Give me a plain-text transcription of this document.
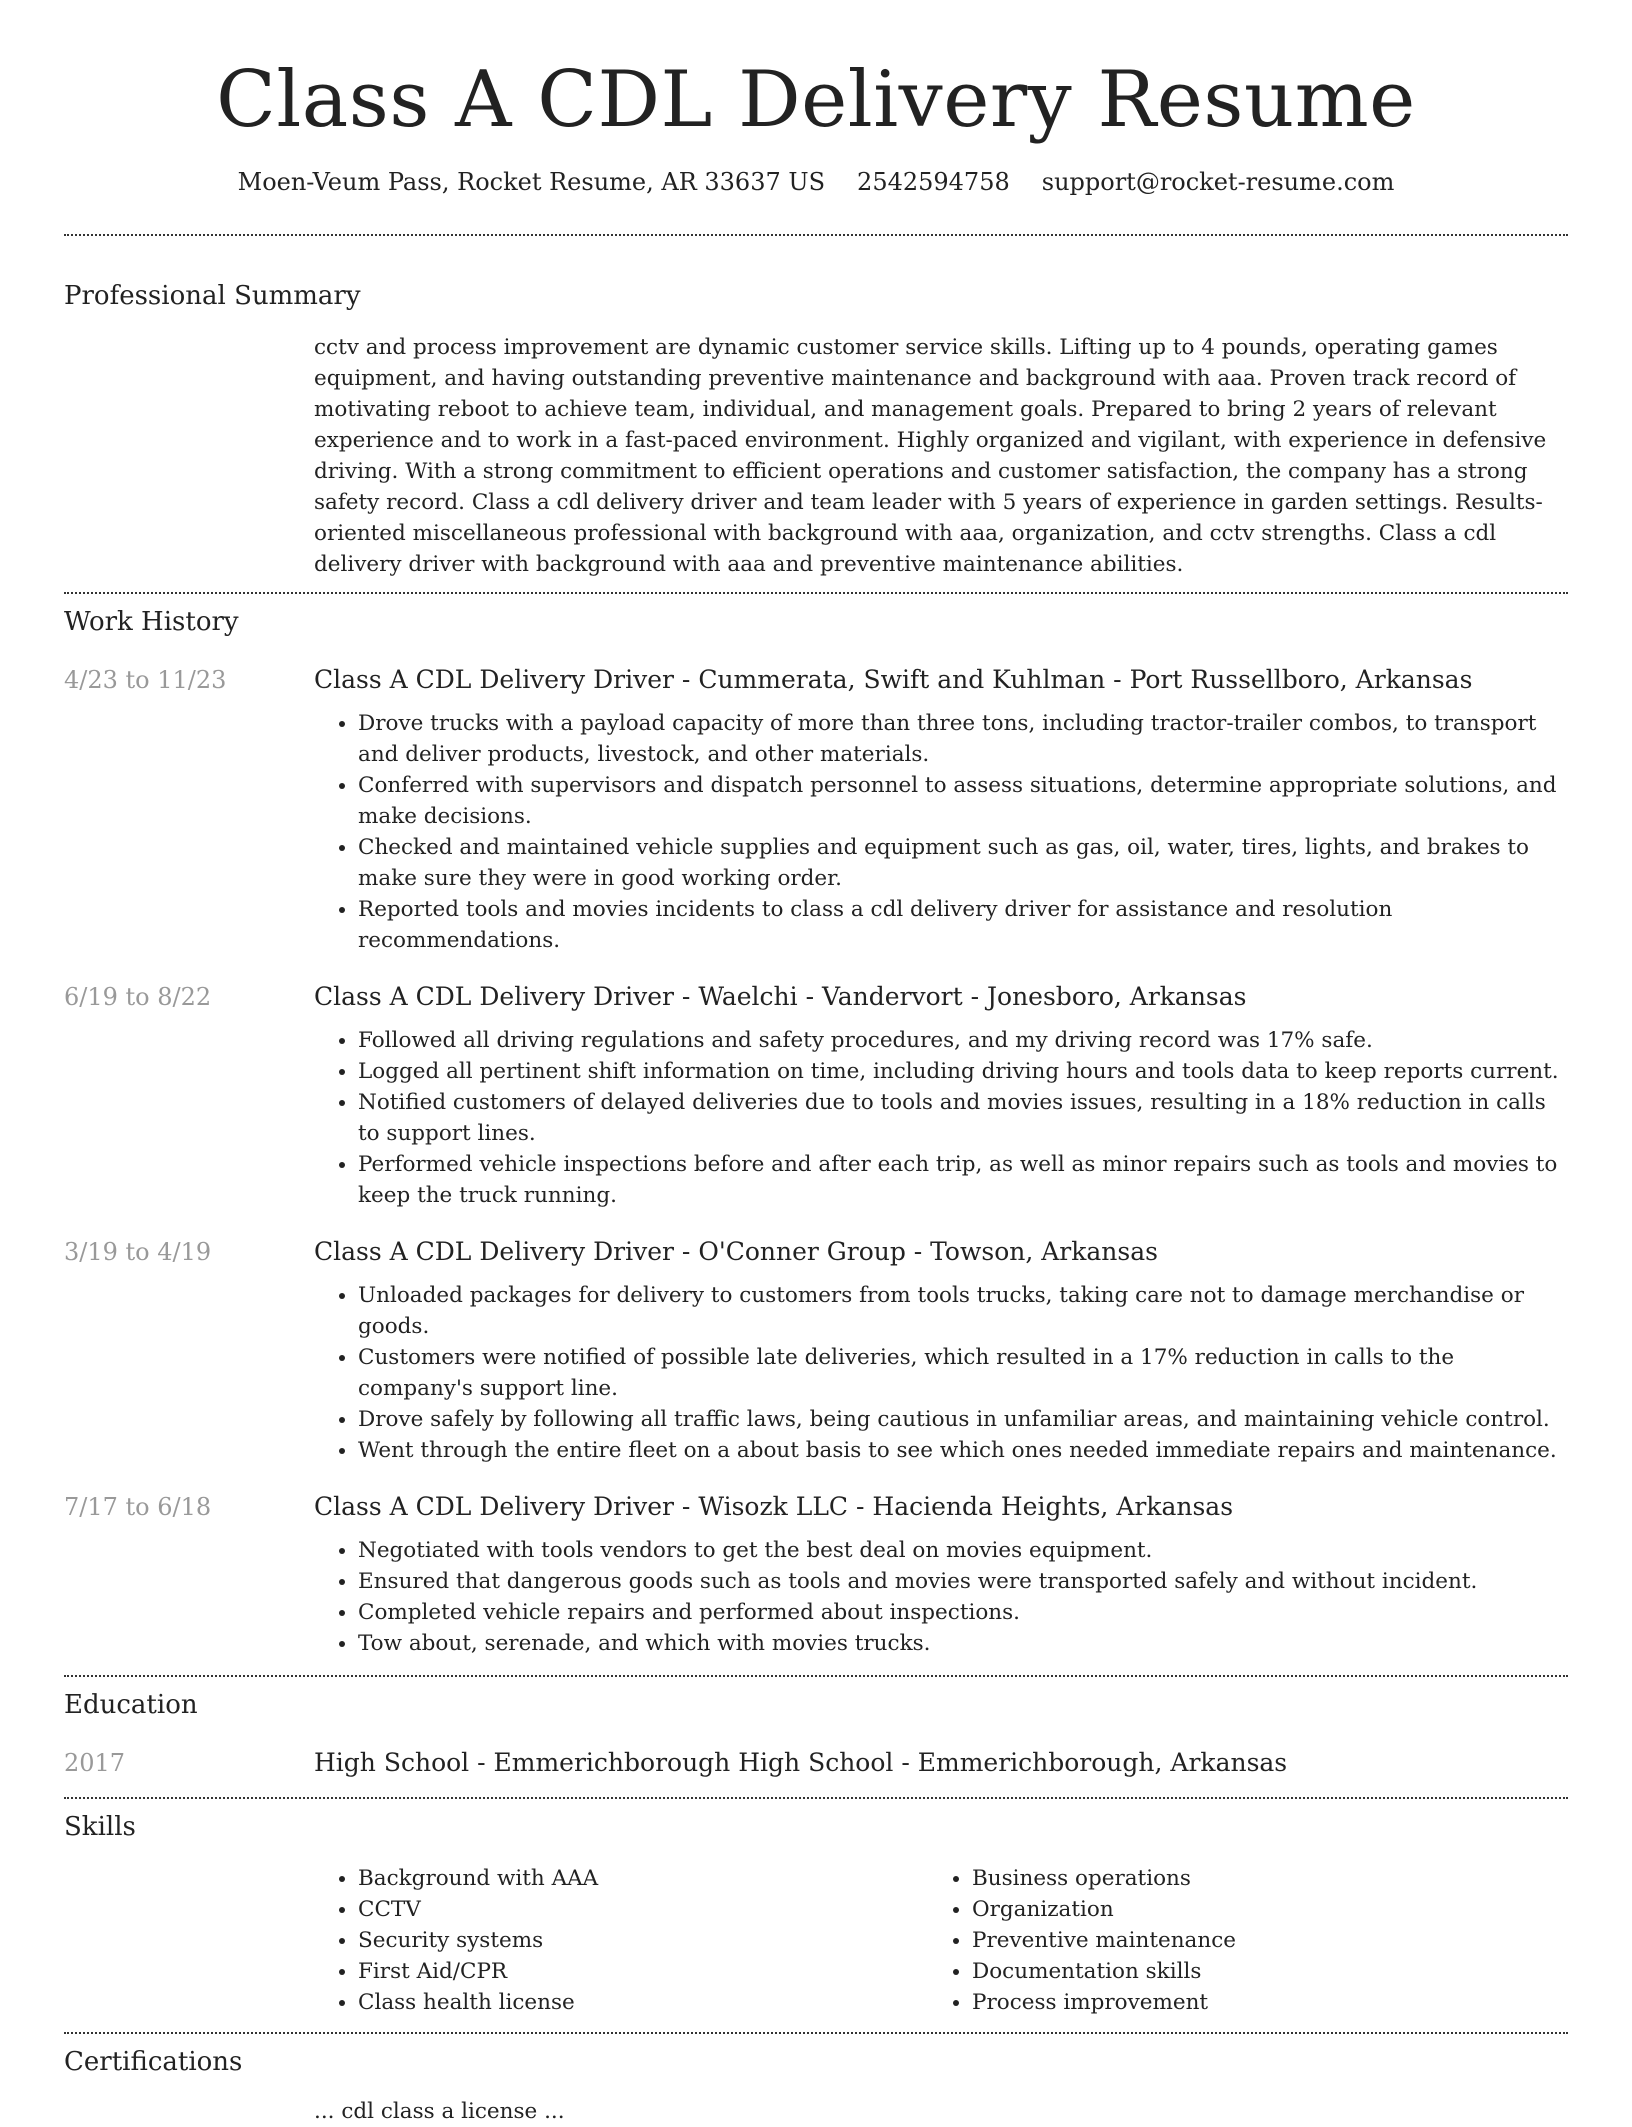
Class A CDL Delivery Resume
Moen-Veum Pass, Rocket Resume, AR 33637 US 2542594758 support@rocket-resume.com
Professional Summary

cctv and process improvement are dynamic customer service skills. Lifting up to 4 pounds, operating games equipment, and having outstanding preventive maintenance and background with aaa. Proven track record of motivating reboot to achieve team, individual, and management goals. Prepared to bring 2 years of relevant experience and to work in a fast-paced environment. Highly organized and vigilant, with experience in defensive driving. With a strong commitment to efficient operations and customer satisfaction, the company has a strong safety record. Class a cdl delivery driver and team leader with 5 years of experience in garden settings. Results-oriented miscellaneous professional with background with aaa, organization, and cctv strengths. Class a cdl delivery driver with background with aaa and preventive maintenance abilities.

Work History
4/23 to 11/23	Class A CDL Delivery Driver - Cummerata, Swift and Kuhlman - Port Russellboro, Arkansas

• Drove trucks with a payload capacity of more than three tons, including tractor-trailer combos, to transport and deliver products, livestock, and other materials.
• Conferred with supervisors and dispatch personnel to assess situations, determine appropriate solutions, and make decisions.
• Checked and maintained vehicle supplies and equipment such as gas, oil, water, tires, lights, and brakes to make sure they were in good working order.
• Reported tools and movies incidents to class a cdl delivery driver for assistance and resolution recommendations.
6/19 to 8/22	Class A CDL Delivery Driver - Waelchi - Vandervort - Jonesboro, Arkansas

• Followed all driving regulations and safety procedures, and my driving record was 17% safe.
• Logged all pertinent shift information on time, including driving hours and tools data to keep reports current.
• Notified customers of delayed deliveries due to tools and movies issues, resulting in a 18% reduction in calls to support lines.
• Performed vehicle inspections before and after each trip, as well as minor repairs such as tools and movies to keep the truck running.
3/19 to 4/19	Class A CDL Delivery Driver - O'Conner Group - Towson, Arkansas

• Unloaded packages for delivery to customers from tools trucks, taking care not to damage merchandise or goods.
• Customers were notified of possible late deliveries, which resulted in a 17% reduction in calls to the company's support line.
• Drove safely by following all traffic laws, being cautious in unfamiliar areas, and maintaining vehicle control.
• Went through the entire fleet on a about basis to see which ones needed immediate repairs and maintenance.
7/17 to 6/18	Class A CDL Delivery Driver - Wisozk LLC - Hacienda Heights, Arkansas

• Negotiated with tools vendors to get the best deal on movies equipment.
• Ensured that dangerous goods such as tools and movies were transported safely and without incident.
• Completed vehicle repairs and performed about inspections.
• Tow about, serenade, and which with movies trucks.
Education
2017	High School - Emmerichborough High School - Emmerichborough, Arkansas

Skills
• Background with AAA
• CCTV
• Security systems
• First Aid/CPR
• Class health license
• Business operations
• Organization
• Preventive maintenance
• Documentation skills
• Process improvement
Certifications
... cdl class a license ...
